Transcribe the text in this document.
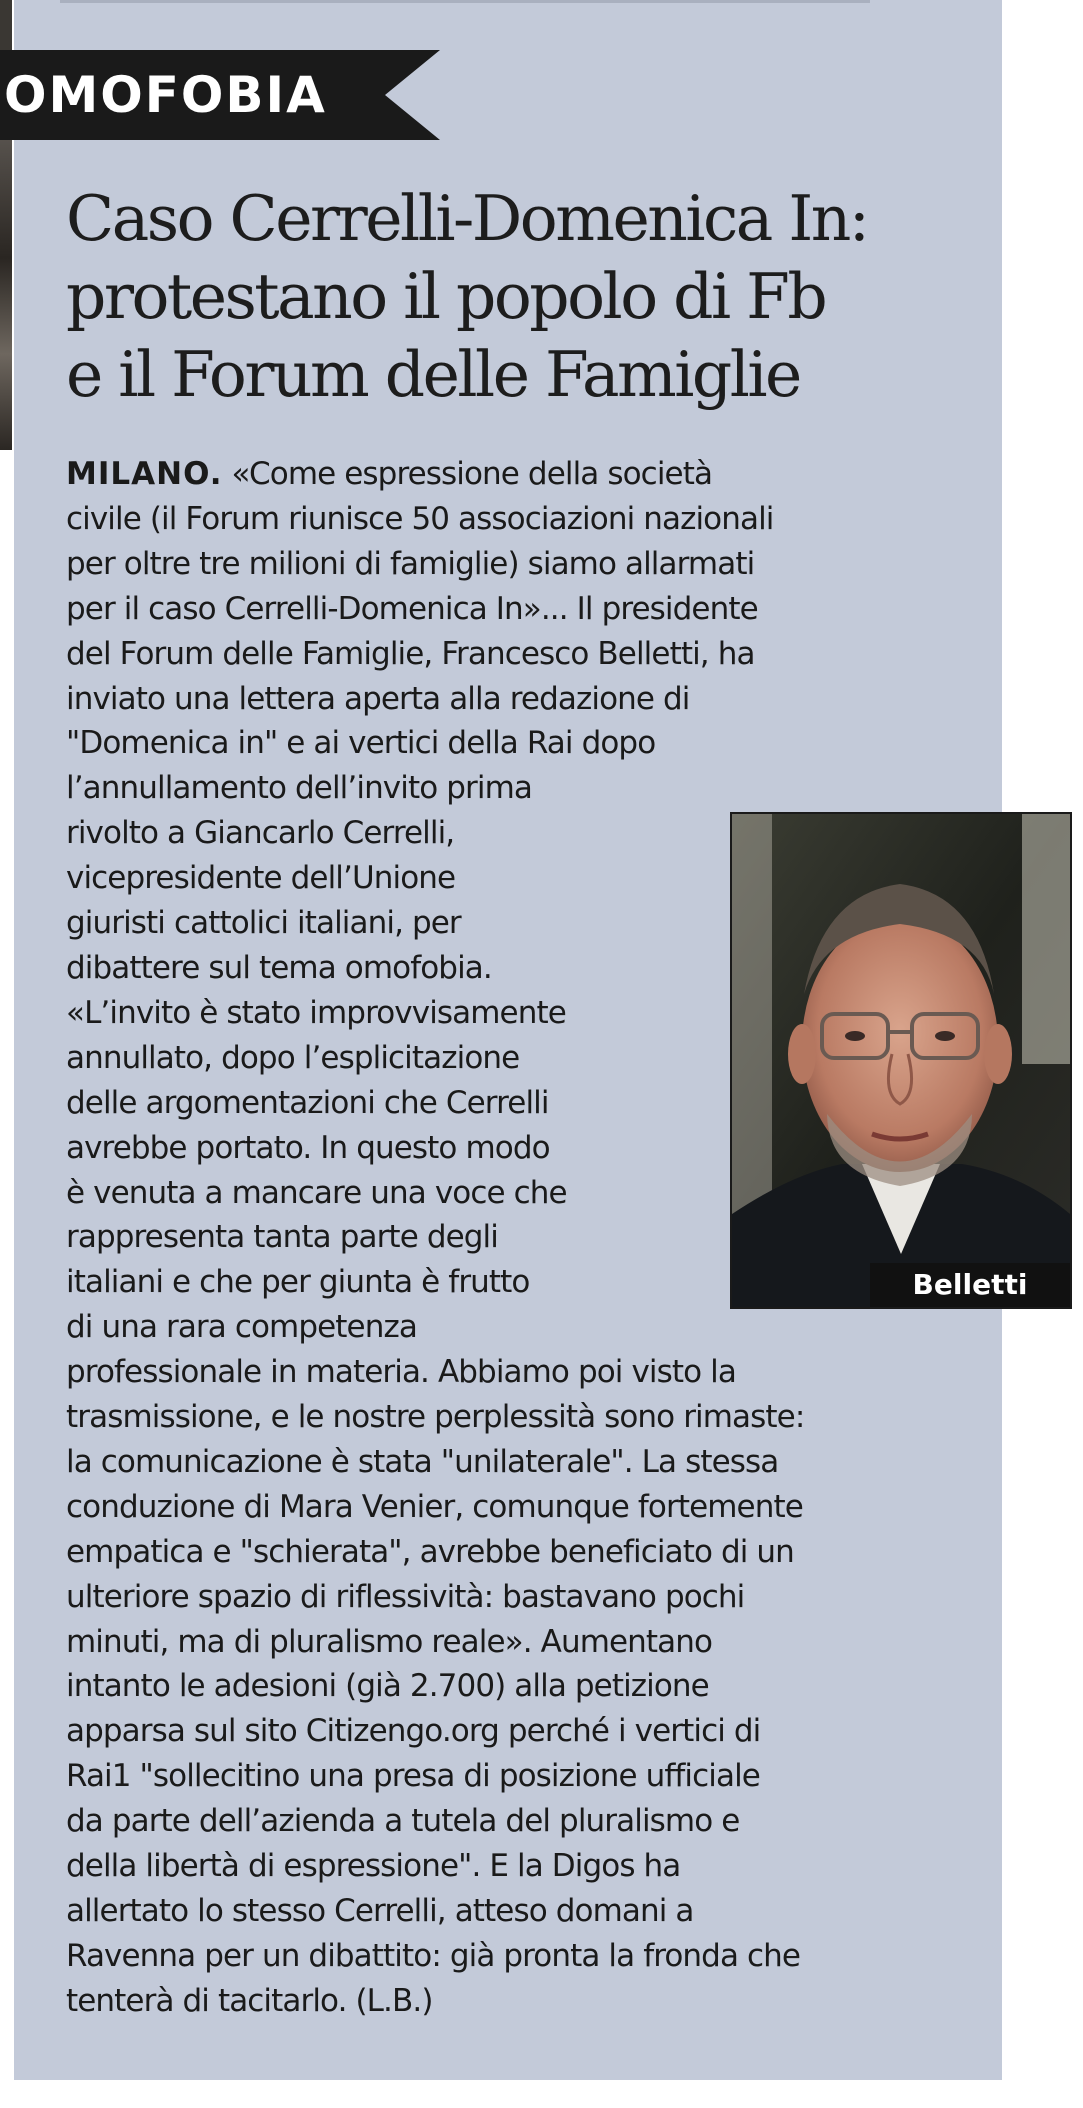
OMOFOBIA
Caso Cerrelli-Domenica In:
protestano il popolo di Fb
e il Forum delle Famiglie
MILANO. «Come espressione della società
civile (il Forum riunisce 50 associazioni nazionali
per oltre tre milioni di famiglie) siamo allarmati
per il caso Cerrelli-Domenica In»... Il presidente
del Forum delle Famiglie, Francesco Belletti, ha
inviato una lettera aperta alla redazione di
"Domenica in" e ai vertici della Rai dopo
l’annullamento dell’invito prima
rivolto a Giancarlo Cerrelli,
vicepresidente dell’Unione
giuristi cattolici italiani, per
dibattere sul tema omofobia.
«L’invito è stato improvvisamente
annullato, dopo l’esplicitazione
delle argomentazioni che Cerrelli
avrebbe portato. In questo modo
è venuta a mancare una voce che
rappresenta tanta parte degli
italiani e che per giunta è frutto
di una rara competenza
professionale in materia. Abbiamo poi visto la
trasmissione, e le nostre perplessità sono rimaste:
la comunicazione è stata "unilaterale". La stessa
conduzione di Mara Venier, comunque fortemente
empatica e "schierata", avrebbe beneficiato di un
ulteriore spazio di riflessività: bastavano pochi
minuti, ma di pluralismo reale». Aumentano
intanto le adesioni (già 2.700) alla petizione
apparsa sul sito Citizengo.org perché i vertici di
Rai1 "sollecitino una presa di posizione ufficiale
da parte dell’azienda a tutela del pluralismo e
della libertà di espressione". E la Digos ha
allertato lo stesso Cerrelli, atteso domani a
Ravenna per un dibattito: già pronta la fronda che
tenterà di tacitarlo. (L.B.)
Belletti
